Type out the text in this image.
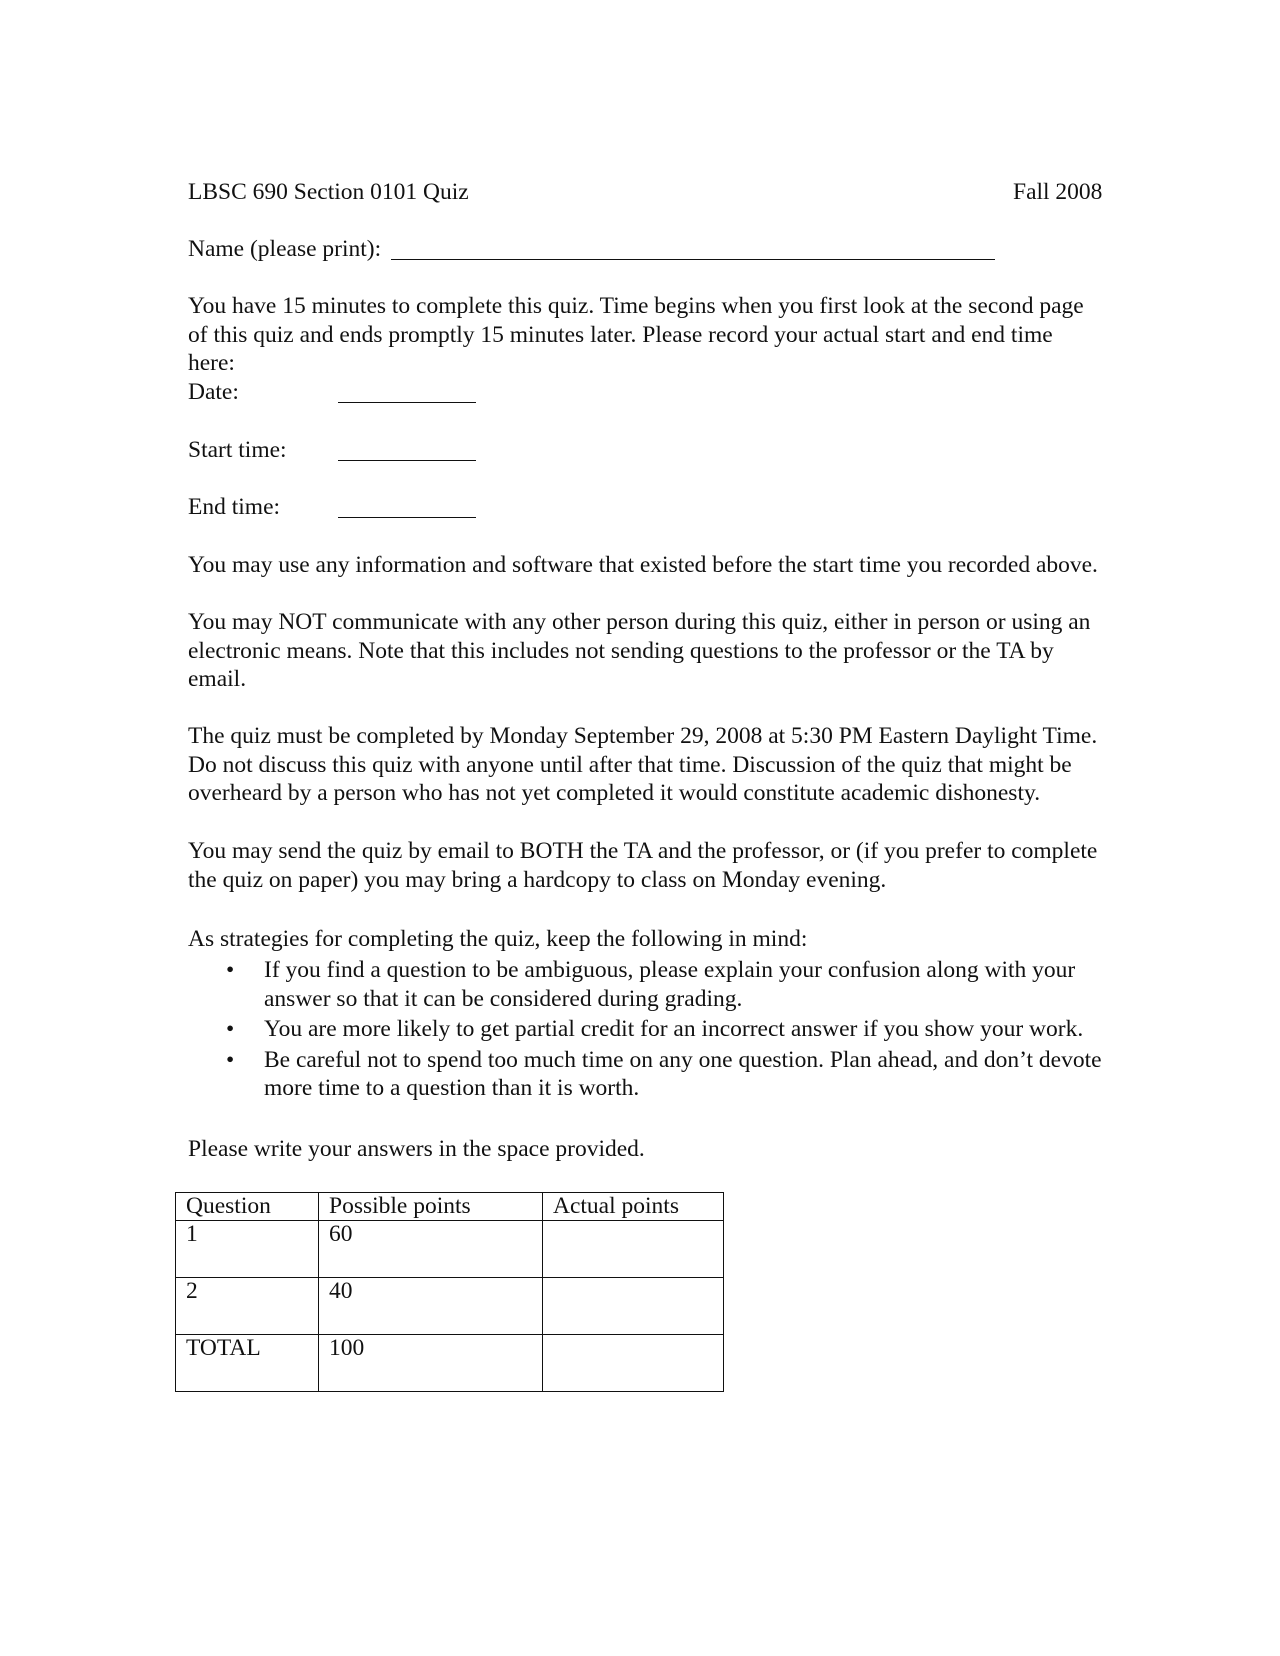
LBSC 690 Section 0101 Quiz	Fall 2008
Name (please print):
You have 15 minutes to complete this quiz. Time begins when you first look at the second page
of this quiz and ends promptly 15 minutes later. Please record your actual start and end time
here:
Date:
Start time:
End time:
You may use any information and software that existed before the start time you recorded above.
You may NOT communicate with any other person during this quiz, either in person or using an
electronic means. Note that this includes not sending questions to the professor or the TA by
email.
The quiz must be completed by Monday September 29, 2008 at 5:30 PM Eastern Daylight Time.
Do not discuss this quiz with anyone until after that time. Discussion of the quiz that might be
overheard by a person who has not yet completed it would constitute academic dishonesty.
You may send the quiz by email to BOTH the TA and the professor, or (if you prefer to complete
the quiz on paper) you may bring a hardcopy to class on Monday evening.
As strategies for completing the quiz, keep the following in mind:
• If you find a question to be ambiguous, please explain your confusion along with your
answer so that it can be considered during grading.
• You are more likely to get partial credit for an incorrect answer if you show your work.
• Be careful not to spend too much time on any one question. Plan ahead, and don’t devote
more time to a question than it is worth.
Please write your answers in the space provided.
Question	Possible points	Actual points
1	60	
2	40	
TOTAL	100	
